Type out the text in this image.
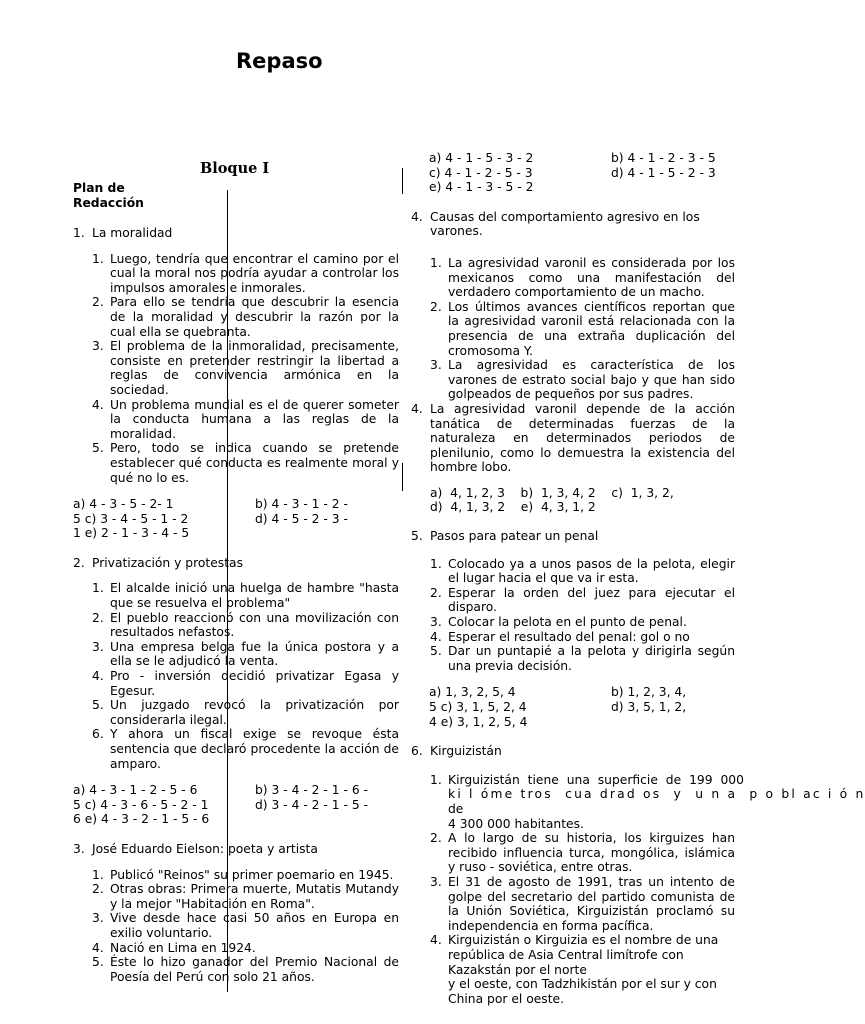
Repaso
Bloque I
Plan de Redacción
1. La moralidad
1. Luego, tendría que encontrar el camino por el cual la moral nos podría ayudar a controlar los impulsos amorales e inmorales.
2. Para ello se tendría que descubrir la esencia de la moralidad y descubrir la razón por la cual ella se quebranta.
3. El problema de la inmoralidad, precisamente, consiste en pretender restringir la libertad a reglas de convivencia armónica en la sociedad.
4. Un problema mundial es el de querer someter la conducta humana a las reglas de la moralidad.
5. Pero, todo se indica cuando se pretende establecer qué conducta es realmente moral y qué no lo es.
a) 4 - 3 - 5 - 2- 1	b) 4 - 3 - 1 - 2 -
5 c) 3 - 4 - 5 - 1 - 2	d) 4 - 5 - 2 - 3 -
1 e) 2 - 1 - 3 - 4 - 5
2. Privatización y protestas
1. El alcalde inició una huelga de hambre "hasta que se resuelva el problema"
2. El pueblo reaccionó con una movilización con resultados nefastos.
3. Una empresa belga fue la única postora y a ella se le adjudicó la venta.
4. Pro - inversión decidió privatizar Egasa y Egesur.
5. Un juzgado revocó la privatización por considerarla ilegal.
6. Y ahora un fiscal exige se revoque ésta sentencia que declaró procedente la acción de amparo.
a) 4 - 3 - 1 - 2 - 5 - 6	b) 3 - 4 - 2 - 1 - 6 -
5 c) 4 - 3 - 6 - 5 - 2 - 1	d) 3 - 4 - 2 - 1 - 5 -
6 e) 4 - 3 - 2 - 1 - 5 - 6
3. José Eduardo Eielson: poeta y artista
1. Publicó "Reinos" su primer poemario en 1945.
2. Otras obras: Primera muerte, Mutatis Mutandy y la mejor "Habitación en Roma".
3. Vive desde hace casi 50 años en Europa en exilio voluntario.
4. Nació en Lima en 1924.
5. Éste lo hizo ganador del Premio Nacional de Poesía del Perú con solo 21 años.
a) 4 - 1 - 5 - 3 - 2	b) 4 - 1 - 2 - 3 - 5
c) 4 - 1 - 2 - 5 - 3	d) 4 - 1 - 5 - 2 - 3
e) 4 - 1 - 3 - 5 - 2
4. Causas del comportamiento agresivo en los varones.
1. La agresividad varonil es considerada por los mexicanos como una manifestación del verdadero comportamiento de un macho.
2. Los últimos avances científicos reportan que la agresividad varonil está relacionada con la presencia de una extraña duplicación del cromosoma Y.
3. La agresividad es característica de los varones de estrato social bajo y que han sido golpeados de pequeños por sus padres.
4. La agresividad varonil depende de la acción tanática de determinadas fuerzas de la naturaleza en determinados periodos de plenilunio, como lo demuestra la existencia del hombre lobo.
a)  4, 1, 2, 3    b)  1, 3, 4, 2    c)  1, 3, 2,
d)  4, 1, 3, 2    e)  4, 3, 1, 2
5. Pasos para patear un penal
1. Colocado ya a unos pasos de la pelota, elegir el lugar hacia el que va ir esta.
2. Esperar la orden del juez para ejecutar el disparo.
3. Colocar la pelota en el punto de penal.
4. Esperar el resultado del penal: gol o no
5. Dar un puntapié a la pelota y dirigirla según una previa decisión.
a) 1, 3, 2, 5, 4	b) 1, 2, 3, 4,
5 c) 3, 1, 5, 2, 4	d) 3, 5, 1, 2,
4 e) 3, 1, 2, 5, 4
6. Kirguizistán
1. Kirguizistán tiene una superficie de 199 000
ki l óme tros  cua drad os  y  u n a  p o bl ac i ó n
de
4 300 000 habitantes.
2. A lo largo de su historia, los kirguizes han recibido influencia turca, mongólica, islámica y ruso - soviética, entre otras.
3. El 31 de agosto de 1991, tras un intento de golpe del secretario del partido comunista de la Unión Soviética, Kirguizistán proclamó su independencia en forma pacífica.
4. Kirguizistán o Kirguizia es el nombre de una república de Asia Central limítrofe con Kazakstán por el norte
y el oeste, con Tadzhikistán por el sur y con China por el oeste.
